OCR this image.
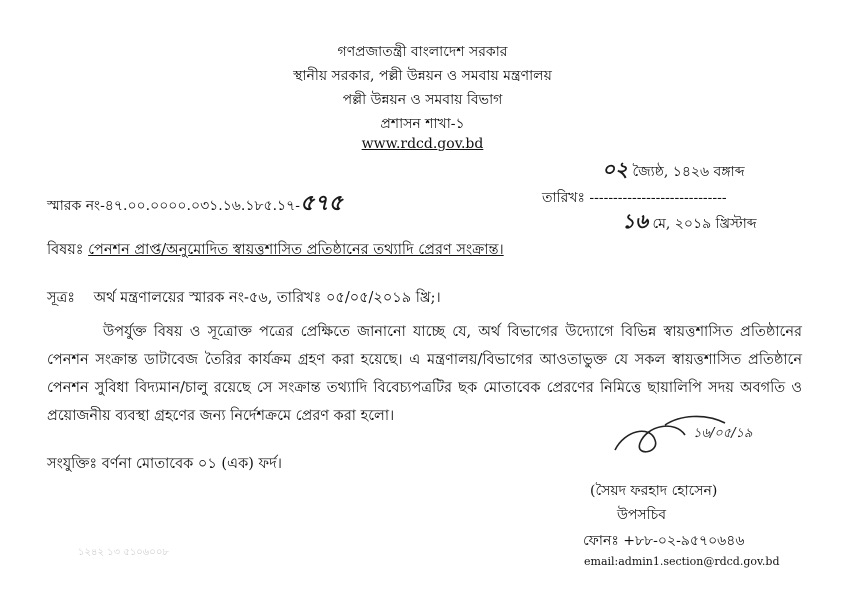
গণপ্রজাতন্ত্রী বাংলাদেশ সরকার
স্থানীয় সরকার, পল্লী উন্নয়ন ও সমবায় মন্ত্রণালয়
পল্লী উন্নয়ন ও সমবায় বিভাগ
প্রশাসন শাখা-১
www.rdcd.gov.bd
০২ জ্যৈষ্ঠ, ১৪২৬ বঙ্গাব্দ
স্মারক নং-৪৭.০০.০০০০.০৩১.১৬.১৮৫.১৭-৫৭৫	তারিখঃ -----------------------------
১৬ মে, ২০১৯ খ্রিস্টাব্দ
বিষয়ঃ পেনশন প্রাপ্ত/অনুমোদিত স্বায়ত্তশাসিত প্রতিষ্ঠানের তথ্যাদি প্রেরণ সংক্রান্ত।
সূত্রঃ অর্থ মন্ত্রণালয়ের স্মারক নং-৫৬, তারিখঃ ০৫/০৫/২০১৯ খ্রি;।
উপর্যুক্ত বিষয় ও সূত্রোক্ত পত্রের প্রেক্ষিতে জানানো যাচ্ছে যে, অর্থ বিভাগের উদ্যোগে বিভিন্ন স্বায়ত্তশাসিত প্রতিষ্ঠানের পেনশন সংক্রান্ত ডাটাবেজ তৈরির কার্যক্রম গ্রহণ করা হয়েছে। এ মন্ত্রণালয়/বিভাগের আওতাভুক্ত যে সকল স্বায়ত্তশাসিত প্রতিষ্ঠানে পেনশন সুবিধা বিদ্যমান/চালু রয়েছে সে সংক্রান্ত তথ্যাদি বিবেচ্যপত্রটির ছক মোতাবেক প্রেরণের নিমিত্তে ছায়ালিপি সদয় অবগতি ও প্রয়োজনীয় ব্যবস্থা গ্রহণের জন্য নির্দেশক্রমে প্রেরণ করা হলো।
সংযুক্তিঃ বর্ণনা মোতাবেক ০১ (এক) ফর্দ।
১৬/০৫/১৯
(সৈয়দ ফরহাদ হোসেন)
উপসচিব
ফোনঃ +৮৮-০২-৯৫৭০৬৪৬
email:admin1.section@rdcd.gov.bd
১২৪২ ১৩ ৫১০৬০০৮
